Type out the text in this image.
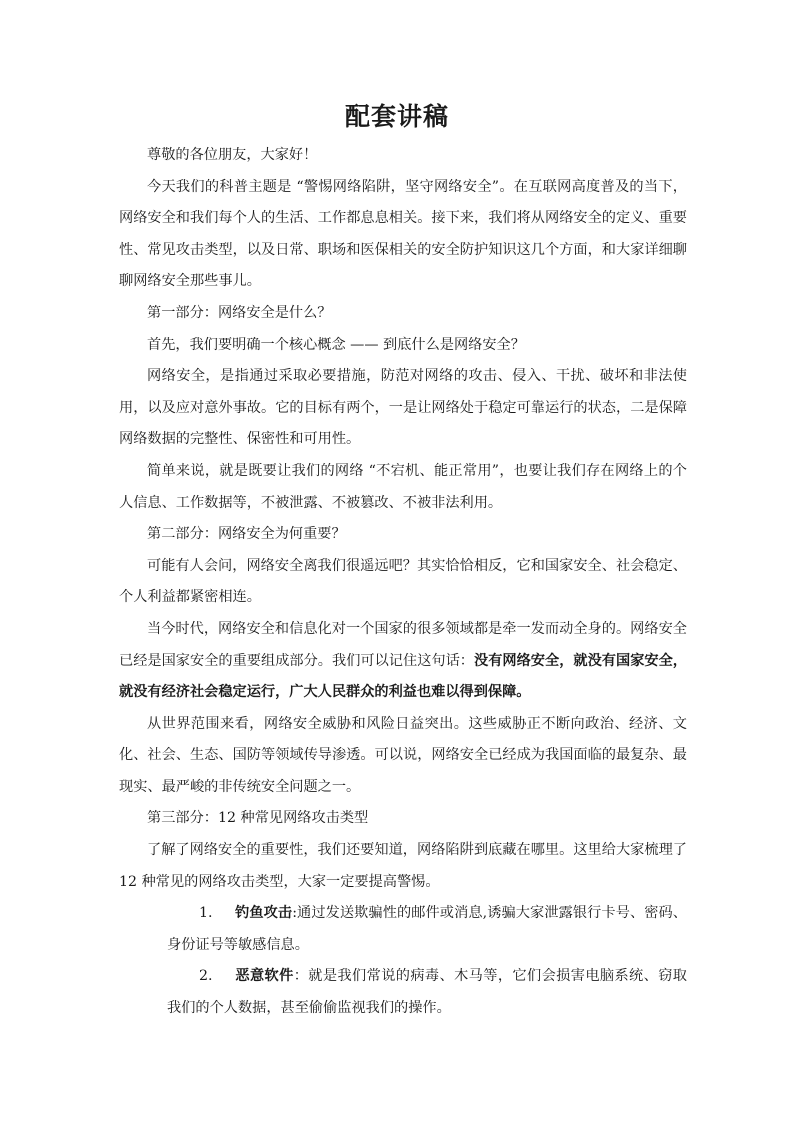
配套讲稿

尊敬的各位朋友，大家好！

今天我们的科普主题是 “警惕网络陷阱，坚守网络安全”。在互联网高度普及的当下，网络安全和我们每个人的生活、工作都息息相关。接下来，我们将从网络安全的定义、重要性、常见攻击类型，以及日常、职场和医保相关的安全防护知识这几个方面，和大家详细聊聊网络安全那些事儿。

第一部分：网络安全是什么？

首先，我们要明确一个核心概念 —— 到底什么是网络安全？

网络安全，是指通过采取必要措施，防范对网络的攻击、侵入、干扰、破坏和非法使用，以及应对意外事故。它的目标有两个，一是让网络处于稳定可靠运行的状态，二是保障网络数据的完整性、保密性和可用性。

简单来说，就是既要让我们的网络 “不宕机、能正常用”，也要让我们存在网络上的个人信息、工作数据等，不被泄露、不被篡改、不被非法利用。

第二部分：网络安全为何重要？

可能有人会问，网络安全离我们很遥远吧？其实恰恰相反，它和国家安全、社会稳定、个人利益都紧密相连。

当今时代，网络安全和信息化对一个国家的很多领域都是牵一发而动全身的。网络安全已经是国家安全的重要组成部分。我们可以记住这句话：没有网络安全，就没有国家安全，就没有经济社会稳定运行，广大人民群众的利益也难以得到保障。

从世界范围来看，网络安全威胁和风险日益突出。这些威胁正不断向政治、经济、文化、社会、生态、国防等领域传导渗透。可以说，网络安全已经成为我国面临的最复杂、最现实、最严峻的非传统安全问题之一。

第三部分：12 种常见网络攻击类型

了解了网络安全的重要性，我们还要知道，网络陷阱到底藏在哪里。这里给大家梳理了 12 种常见的网络攻击类型，大家一定要提高警惕。

1. 钓鱼攻击:通过发送欺骗性的邮件或消息,诱骗大家泄露银行卡号、密码、身份证号等敏感信息。

2. 恶意软件：就是我们常说的病毒、木马等，它们会损害电脑系统、窃取我们的个人数据，甚至偷偷监视我们的操作。
